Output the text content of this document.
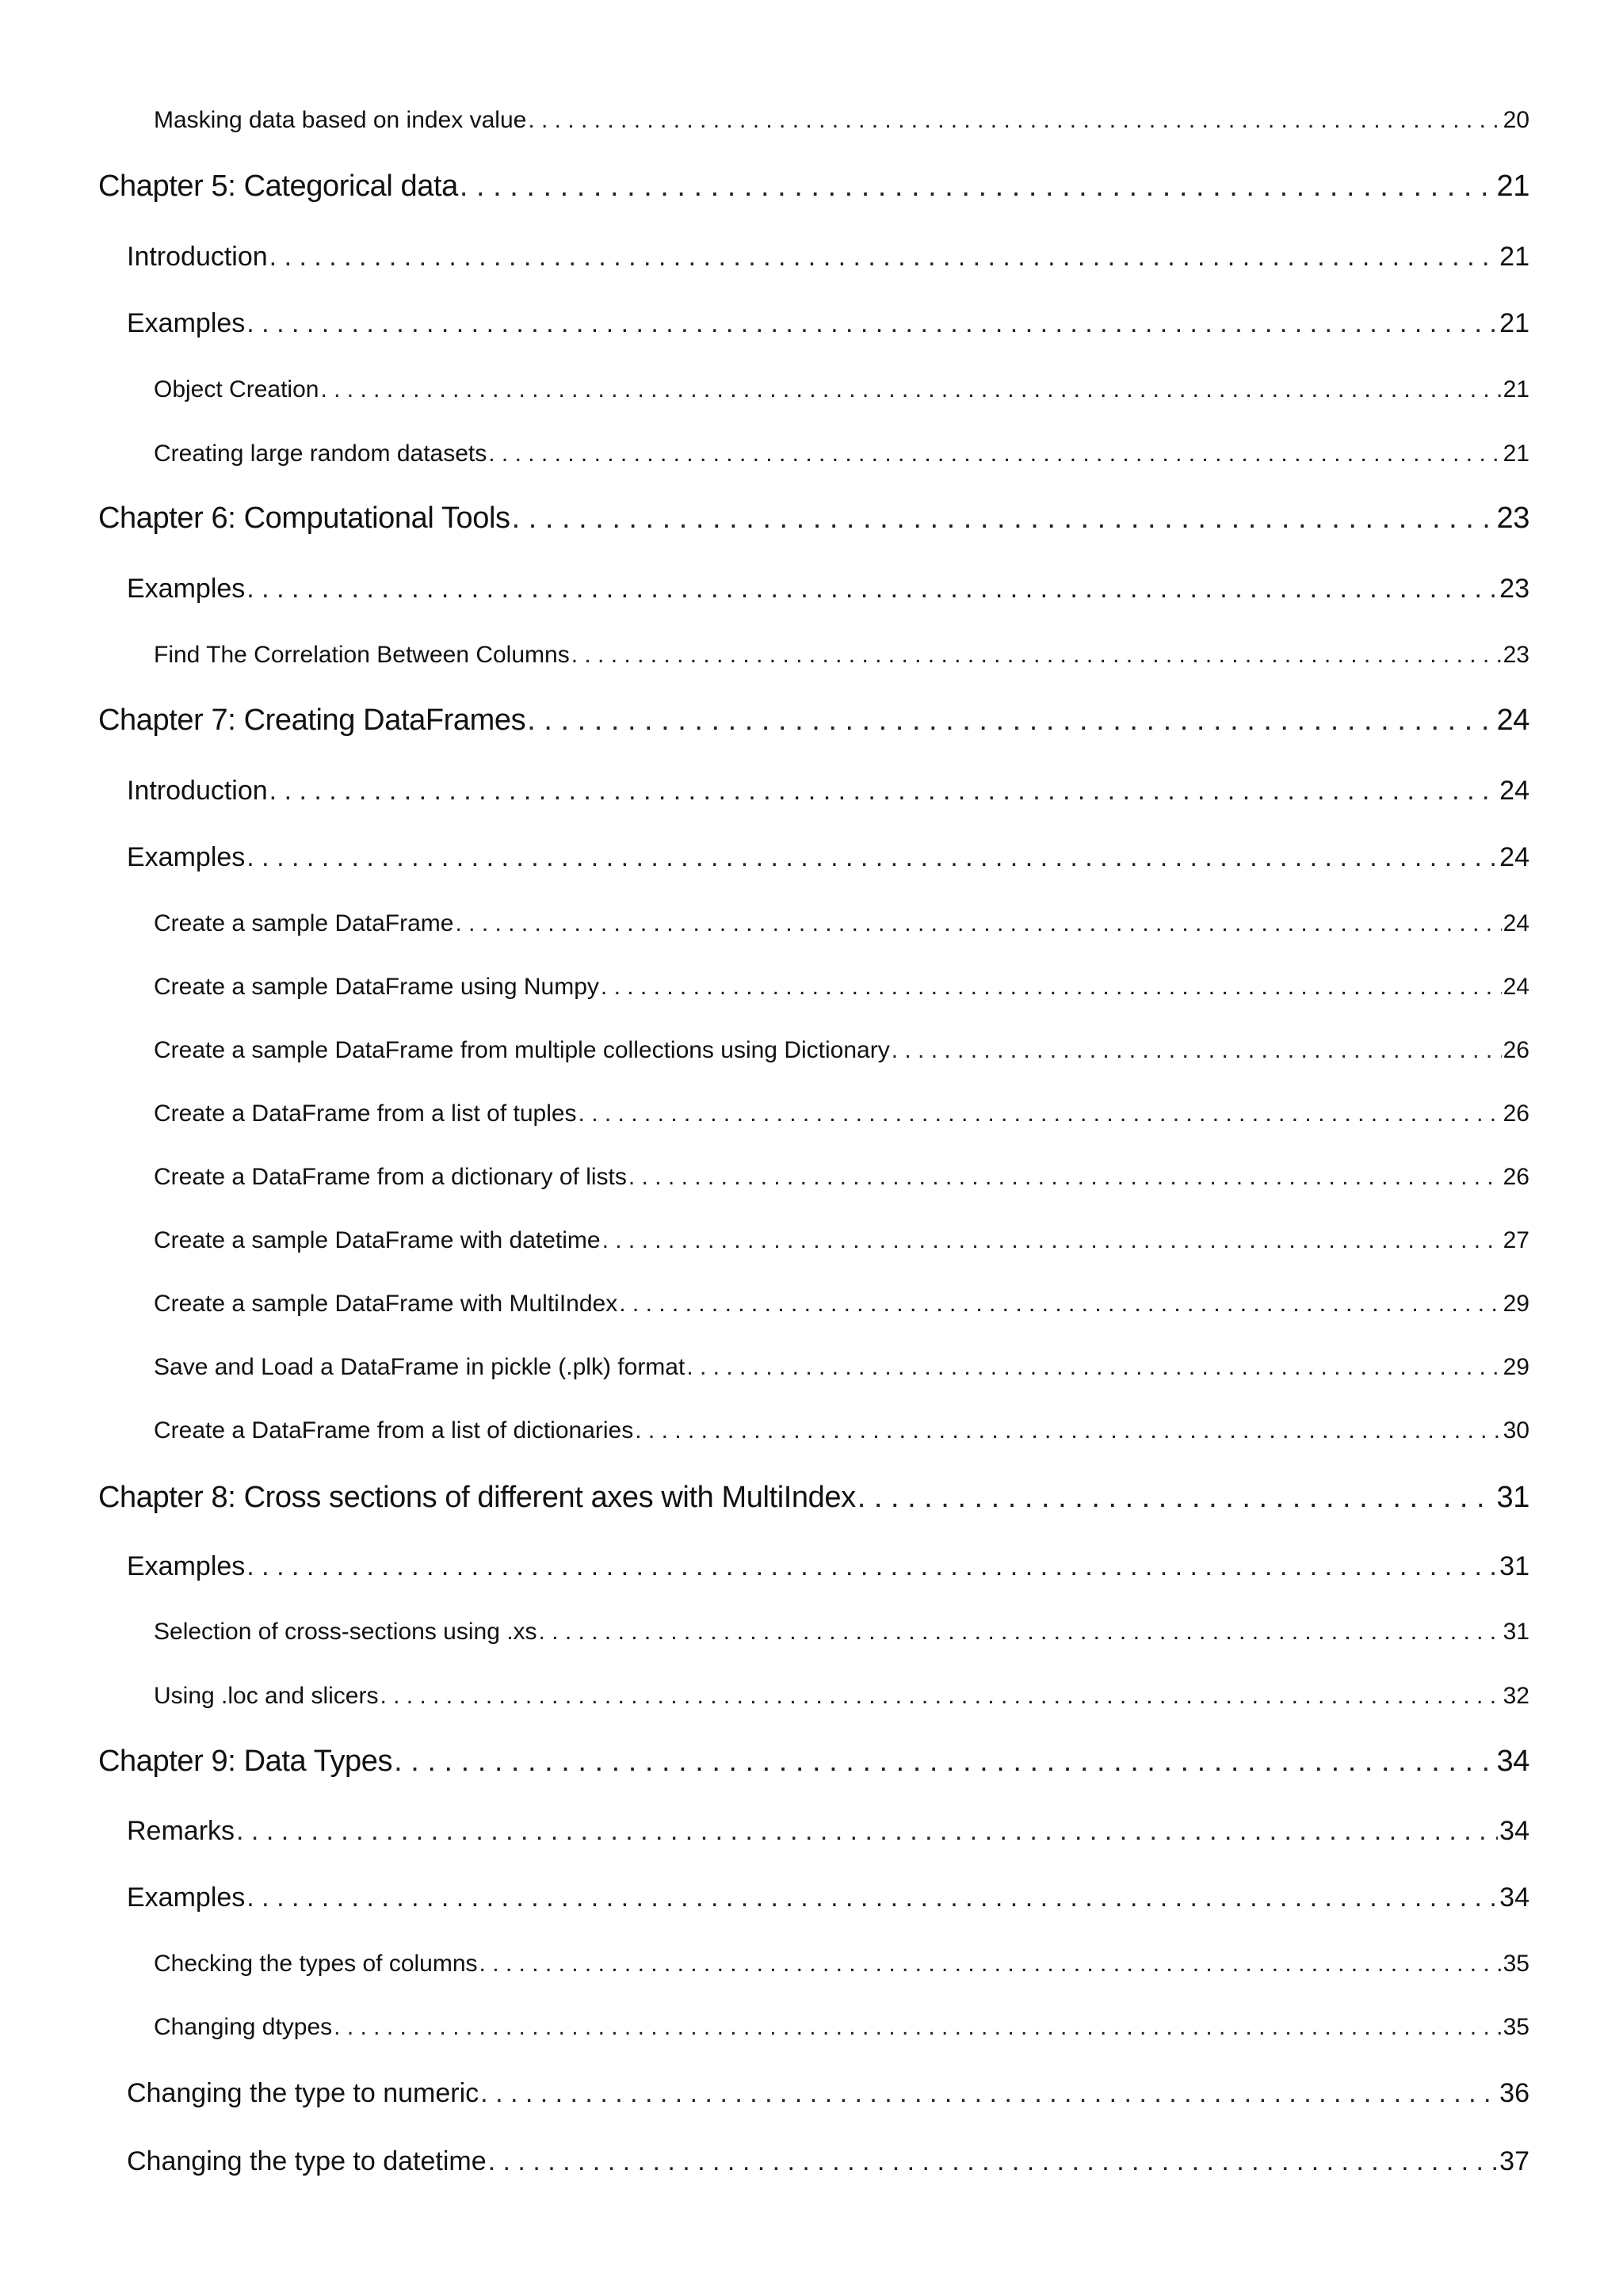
Masking data based on index value . . .	20
Chapter 5: Categorical data . . .	21
Introduction . . .	21
Examples . . .	21
Object Creation . . .	21
Creating large random datasets . . .	21
Chapter 6: Computational Tools . . .	23
Examples . . .	23
Find The Correlation Between Columns . . .	23
Chapter 7: Creating DataFrames . . .	24
Introduction . . .	24
Examples . . .	24
Create a sample DataFrame . . .	24
Create a sample DataFrame using Numpy . . .	24
Create a sample DataFrame from multiple collections using Dictionary . . .	26
Create a DataFrame from a list of tuples . . .	26
Create a DataFrame from a dictionary of lists . . .	26
Create a sample DataFrame with datetime . . .	27
Create a sample DataFrame with MultiIndex . . .	29
Save and Load a DataFrame in pickle (.plk) format . . .	29
Create a DataFrame from a list of dictionaries . . .	30
Chapter 8: Cross sections of different axes with MultiIndex . . .	31
Examples . . .	31
Selection of cross-sections using .xs . . .	31
Using .loc and slicers . . .	32
Chapter 9: Data Types . . .	34
Remarks . . .	34
Examples . . .	34
Checking the types of columns . . .	35
Changing dtypes . . .	35
Changing the type to numeric . . .	36
Changing the type to datetime . . .	37
